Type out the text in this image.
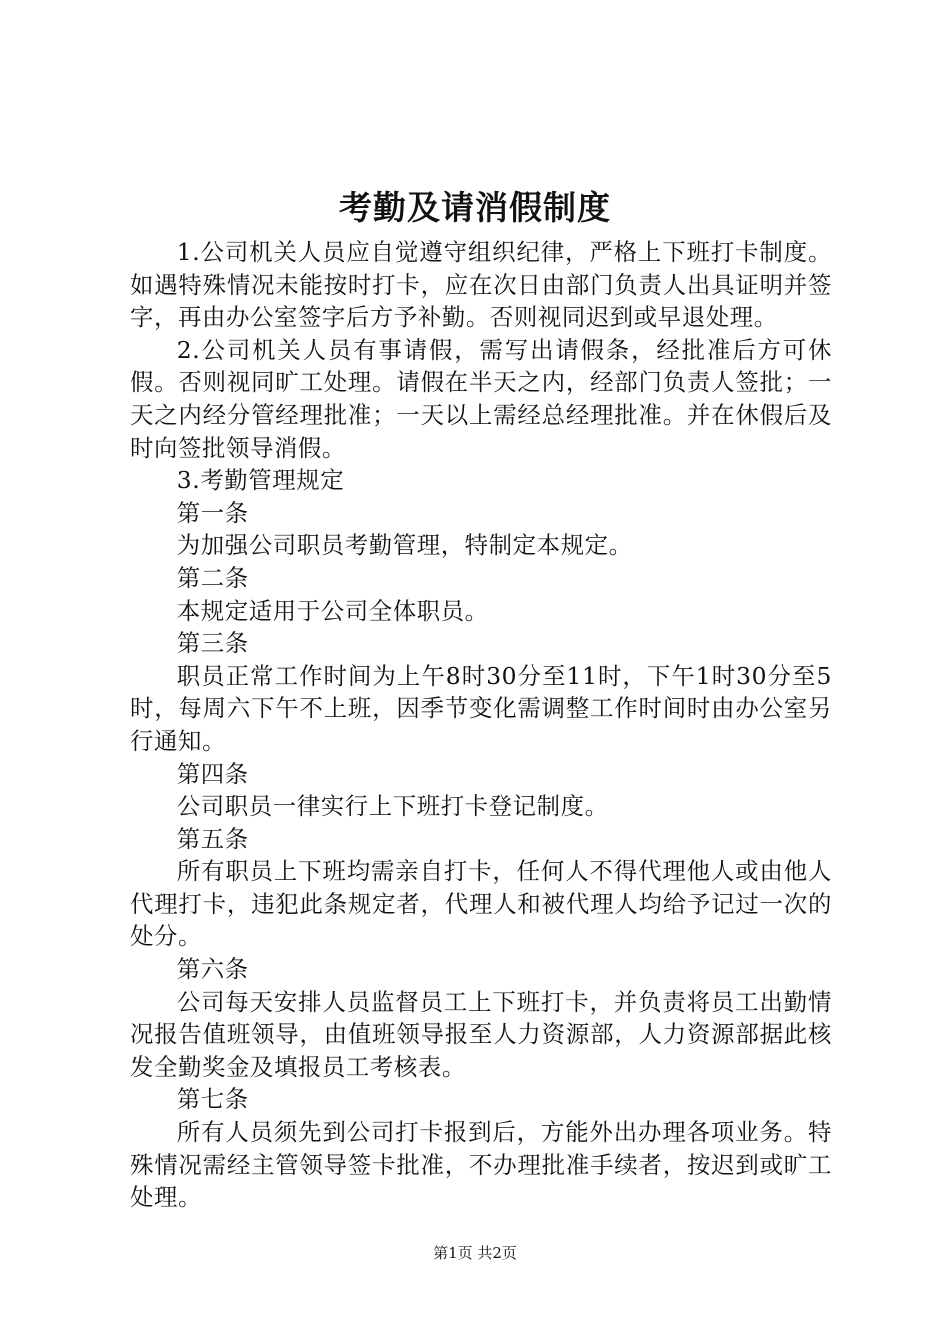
考勤及请消假制度

1.公司机关人员应自觉遵守组织纪律，严格上下班打卡制度。如遇特殊情况未能按时打卡，应在次日由部门负责人出具证明并签字，再由办公室签字后方予补勤。否则视同迟到或早退处理。

2.公司机关人员有事请假，需写出请假条，经批准后方可休假。否则视同旷工处理。请假在半天之内，经部门负责人签批；一天之内经分管经理批准；一天以上需经总经理批准。并在休假后及时向签批领导消假。

3.考勤管理规定

第一条

为加强公司职员考勤管理，特制定本规定。

第二条

本规定适用于公司全体职员。

第三条

职员正常工作时间为上午8时30分至11时，下午1时30分至5时，每周六下午不上班，因季节变化需调整工作时间时由办公室另行通知。

第四条

公司职员一律实行上下班打卡登记制度。

第五条

所有职员上下班均需亲自打卡，任何人不得代理他人或由他人代理打卡，违犯此条规定者，代理人和被代理人均给予记过一次的处分。

第六条

公司每天安排人员监督员工上下班打卡，并负责将员工出勤情况报告值班领导，由值班领导报至人力资源部，人力资源部据此核发全勤奖金及填报员工考核表。

第七条

所有人员须先到公司打卡报到后，方能外出办理各项业务。特殊情况需经主管领导签卡批准，不办理批准手续者，按迟到或旷工处理。

第1页 共2页
